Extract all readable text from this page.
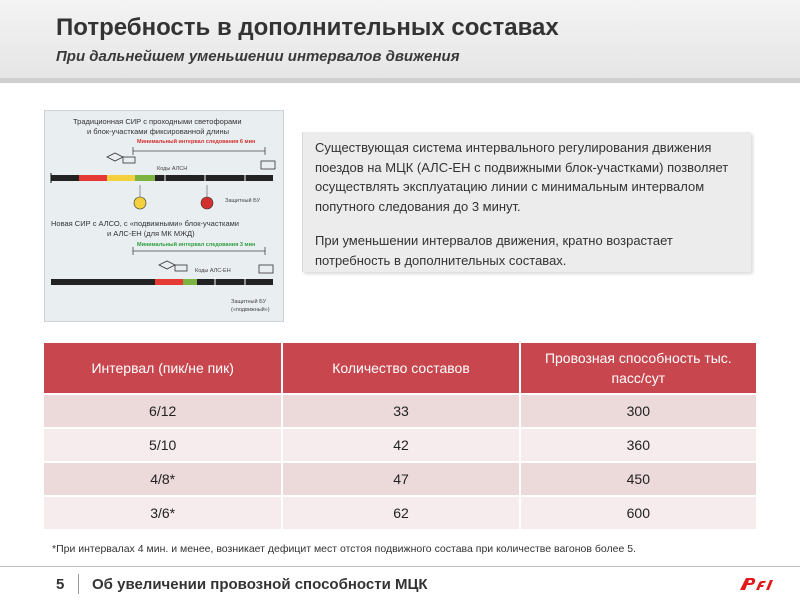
Потребность в дополнительных составах
При дальнейшем уменьшении интервалов движения
Традиционная СИР с проходными светофорами
и блок-участками фиксированной длины
Минимальный интервал следования 6 мин
Коды АЛСН
Защитный БУ
Новая СИР с АЛСО, с «подвижными» блок-участками
и АЛС-ЕН (для МК МЖД)
Минимальный интервал следования 3 мин
Коды АЛС-ЕН
Защитный БУ
(«подвижный»)

Существующая система интервального регулирования движения поездов на МЦК (АЛС-ЕН с подвижными блок-участками) позволяет осуществлять эксплуатацию линии с минимальным интервалом попутного следования до 3 минут.

При уменьшении интервалов движения, кратно возрастает потребность в дополнительных составах.

Интервал (пик/не пик)	Количество составов	Провозная способность тыс. пасс/сут
6/12	33	300
5/10	42	360
4/8*	47	450
3/6*	62	600
*При интервалах 4 мин. и менее, возникает дефицит мест отстоя подвижного состава при количестве вагонов более 5.
5 Об увеличении провозной способности МЦК
